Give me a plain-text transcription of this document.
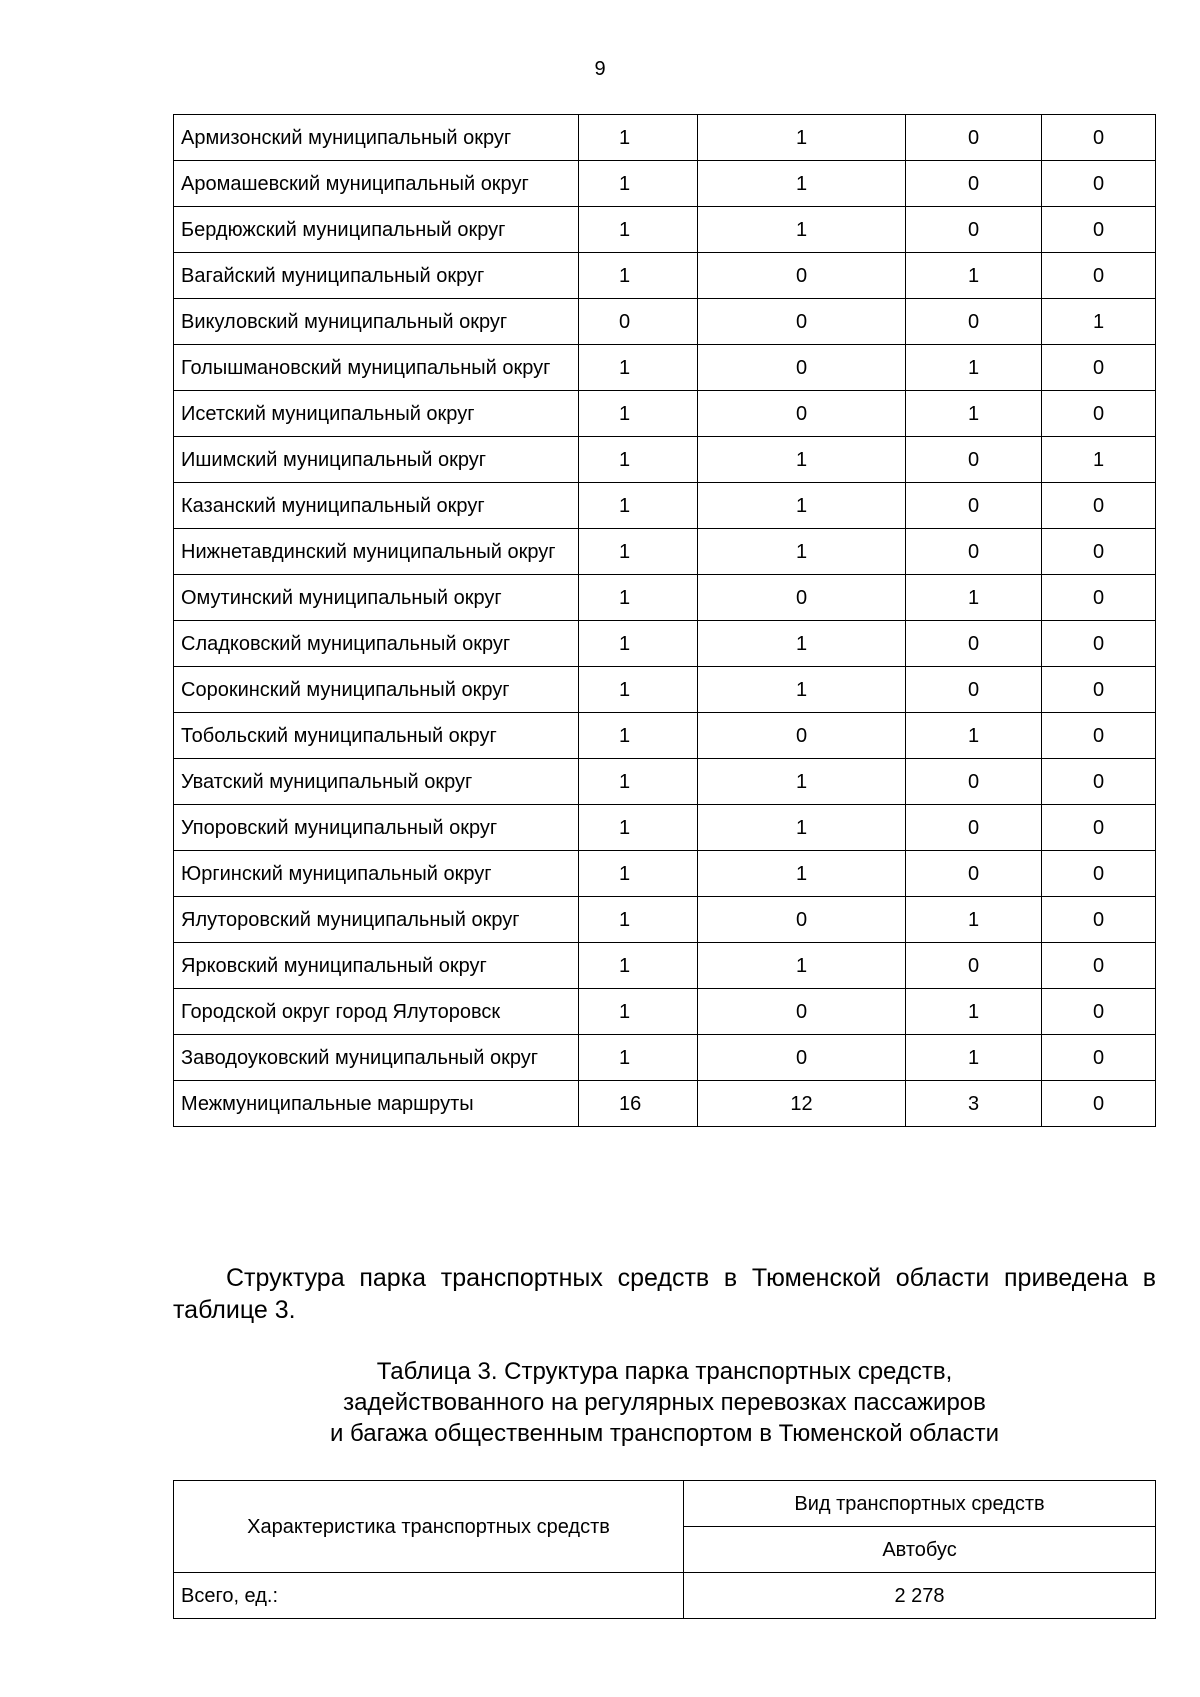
9
Армизонский муниципальный округ	1	1	0	0
Аромашевский муниципальный округ	1	1	0	0
Бердюжский муниципальный округ	1	1	0	0
Вагайский муниципальный округ	1	0	1	0
Викуловский муниципальный округ	0	0	0	1
Голышмановский муниципальный округ	1	0	1	0
Исетский муниципальный округ	1	0	1	0
Ишимский муниципальный округ	1	1	0	1
Казанский муниципальный округ	1	1	0	0
Нижнетавдинский муниципальный округ	1	1	0	0
Омутинский муниципальный округ	1	0	1	0
Сладковский муниципальный округ	1	1	0	0
Сорокинский муниципальный округ	1	1	0	0
Тобольский муниципальный округ	1	0	1	0
Уватский муниципальный округ	1	1	0	0
Упоровский муниципальный округ	1	1	0	0
Юргинский муниципальный округ	1	1	0	0
Ялуторовский муниципальный округ	1	0	1	0
Ярковский муниципальный округ	1	1	0	0
Городской округ город Ялуторовск	1	0	1	0
Заводоуковский муниципальный округ	1	0	1	0
Межмуниципальные маршруты	16	12	3	0
Структура парка транспортных средств в Тюменской области приведена в таблице 3.
Таблица 3. Структура парка транспортных средств,
задействованного на регулярных перевозках пассажиров
и багажа общественным транспортом в Тюменской области
Характеристика транспортных средств	Вид транспортных средств
	Автобус
Всего, ед.:	2 278
